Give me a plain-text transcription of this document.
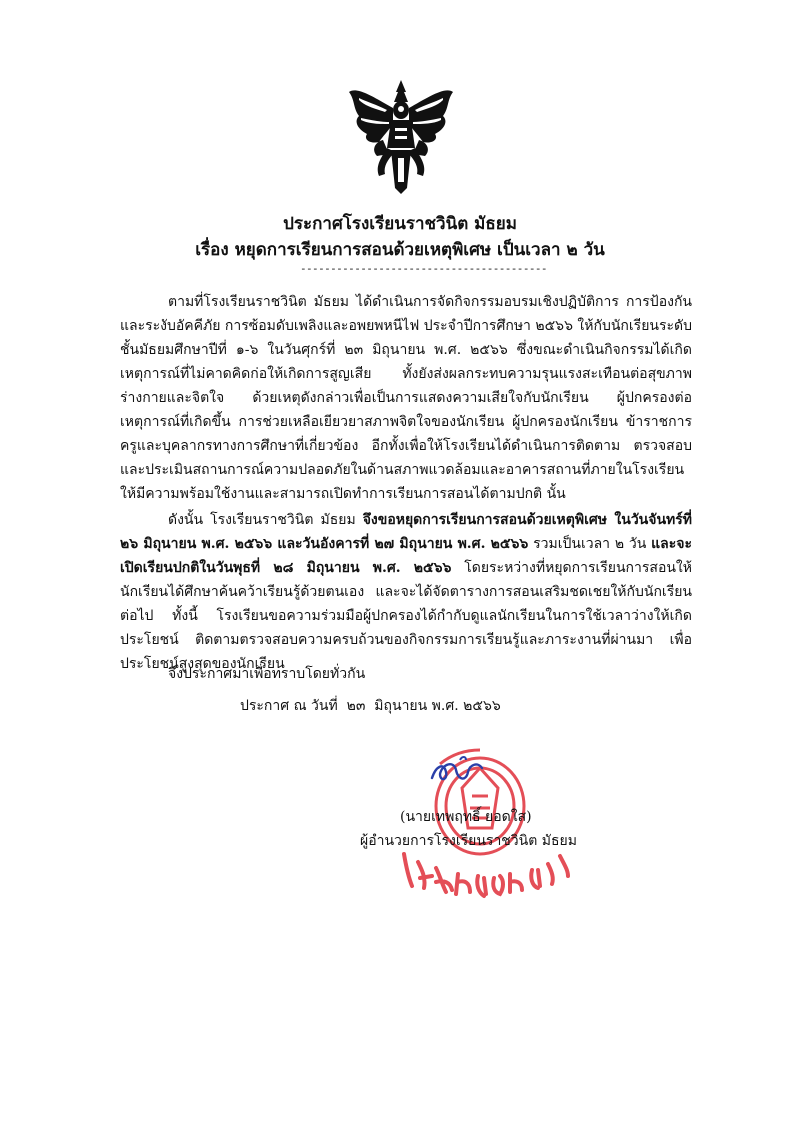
ประกาศโรงเรียนราชวินิต มัธยม
เรื่อง หยุดการเรียนการสอนด้วยเหตุพิเศษ เป็นเวลา ๒ วัน
-----------------------------------------
ตามที่โรงเรียนราชวินิต มัธยม ได้ดำเนินการจัดกิจกรรมอบรมเชิงปฏิบัติการ การป้องกันและระงับอัคคีภัย การซ้อมดับเพลิงและอพยพหนีไฟ ประจำปีการศึกษา ๒๕๖๖ ให้กับนักเรียนระดับชั้นมัธยมศึกษาปีที่ ๑-๖ ในวันศุกร์ที่ ๒๓ มิถุนายน พ.ศ. ๒๕๖๖ ซึ่งขณะดำเนินกิจกรรมได้เกิดเหตุการณ์ที่ไม่คาดคิดก่อให้เกิดการสูญเสีย ทั้งยังส่งผลกระทบความรุนแรงสะเทือนต่อสุขภาพร่างกายและจิตใจ ด้วยเหตุดังกล่าวเพื่อเป็นการแสดงความเสียใจกับนักเรียน ผู้ปกครองต่อเหตุการณ์ที่เกิดขึ้น การช่วยเหลือเยียวยาสภาพจิตใจของนักเรียน ผู้ปกครองนักเรียน ข้าราชการครูและบุคลากรทางการศึกษาที่เกี่ยวข้อง อีกทั้งเพื่อให้โรงเรียนได้ดำเนินการติดตาม ตรวจสอบ และประเมินสถานการณ์ความปลอดภัยในด้านสภาพแวดล้อมและอาคารสถานที่ภายในโรงเรียน ให้มีความพร้อมใช้งานและสามารถเปิดทำการเรียนการสอนได้ตามปกติ นั้น
ดังนั้น โรงเรียนราชวินิต มัธยม จึงขอหยุดการเรียนการสอนด้วยเหตุพิเศษ ในวันจันทร์ที่ ๒๖ มิถุนายน พ.ศ. ๒๕๖๖ และวันอังคารที่ ๒๗ มิถุนายน พ.ศ. ๒๕๖๖ รวมเป็นเวลา ๒ วัน และจะเปิดเรียนปกติในวันพุธที่ ๒๘ มิถุนายน พ.ศ. ๒๕๖๖ โดยระหว่างที่หยุดการเรียนการสอนให้นักเรียนได้ศึกษาค้นคว้าเรียนรู้ด้วยตนเอง และจะได้จัดตารางการสอนเสริมชดเชยให้กับนักเรียนต่อไป ทั้งนี้ โรงเรียนขอความร่วมมือผู้ปกครองได้กำกับดูแลนักเรียนในการใช้เวลาว่างให้เกิดประโยชน์ ติดตามตรวจสอบความครบถ้วนของกิจกรรมการเรียนรู้และภาระงานที่ผ่านมา เพื่อประโยชน์สูงสุดของนักเรียน
จึงประกาศมาเพื่อทราบโดยทั่วกัน
ประกาศ ณ วันที่  ๒๓  มิถุนายน พ.ศ. ๒๕๖๖
(นายเทพฤทธิ์ ยอดใส)
ผู้อำนวยการโรงเรียนราชวินิต มัธยม
